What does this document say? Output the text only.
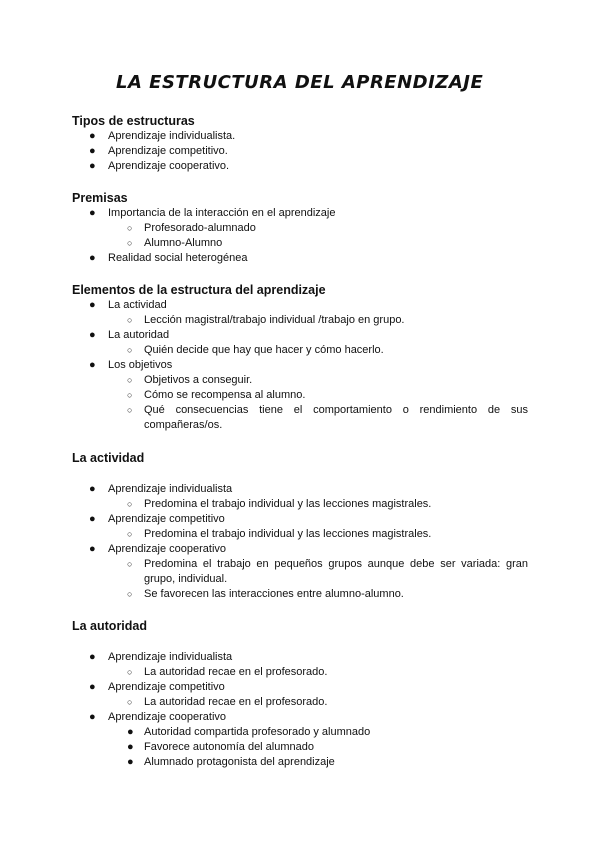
LA ESTRUCTURA DEL APRENDIZAJE

Tipos de estructuras

● Aprendizaje individualista.
● Aprendizaje competitivo.
● Aprendizaje cooperativo.

Premisas

● Importancia de la interacción en el aprendizaje
○ Profesorado-alumnado
○ Alumno-Alumno
● Realidad social heterogénea

Elementos de la estructura del aprendizaje

● La actividad
○ Lección magistral/trabajo individual /trabajo en grupo.
● La autoridad
○ Quién decide que hay que hacer y cómo hacerlo.
● Los objetivos
○ Objetivos a conseguir.
○ Cómo se recompensa al alumno.
○ Qué consecuencias tiene el comportamiento o rendimiento de sus compañeras/os.

La actividad

● Aprendizaje individualista
○ Predomina el trabajo individual y las lecciones magistrales.
● Aprendizaje competitivo
○ Predomina el trabajo individual y las lecciones magistrales.
● Aprendizaje cooperativo
○ Predomina el trabajo en pequeños grupos aunque debe ser variada: gran grupo, individual.
○ Se favorecen las interacciones entre alumno-alumno.

La autoridad

● Aprendizaje individualista
○ La autoridad recae en el profesorado.
● Aprendizaje competitivo
○ La autoridad recae en el profesorado.
● Aprendizaje cooperativo
● Autoridad compartida profesorado y alumnado
● Favorece autonomía del alumnado
● Alumnado protagonista del aprendizaje
